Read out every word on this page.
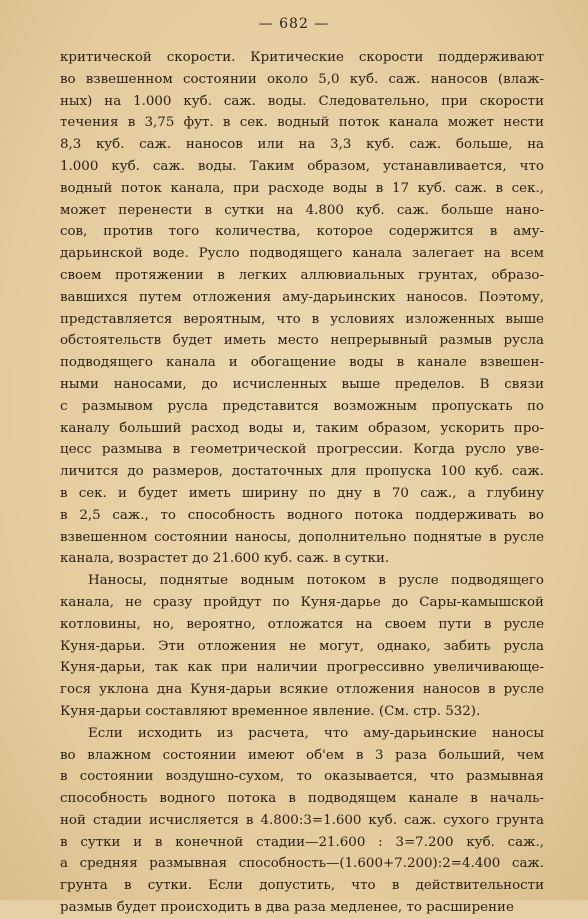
— 682 —

критической скорости. Критические скорости поддерживают
во взвешенном состоянии около 5,0 куб. саж. наносов (влаж-
ных) на 1.000 куб. саж. воды. Следовательно, при скорости
течения в 3,75 фут. в сек. водный поток канала может нести
8,3 куб. саж. наносов или на 3,3 куб. саж. больше, на
1.000 куб. саж. воды. Таким образом, устанавливается, что
водный поток канала, при расходе воды в 17 куб. саж. в сек.,
может перенести в сутки на 4.800 куб. саж. больше нано-
сов, против того количества, которое содержится в аму-
дарьинской воде. Русло подводящего канала залегает на всем
своем протяжении в легких аллювиальных грунтах, образо-
вавшихся путем отложения аму-дарьинских наносов. Поэтому,
представляется вероятным, что в условиях изложенных выше
обстоятельств будет иметь место непрерывный размыв русла
подводящего канала и обогащение воды в канале взвешен-
ными наносами, до исчисленных выше пределов. В связи
с размывом русла представится возможным пропускать по
каналу больший расход воды и, таким образом, ускорить про-
цесс размыва в геометрической прогрессии. Когда русло уве-
личится до размеров, достаточных для пропуска 100 куб. саж.
в сек. и будет иметь ширину по дну в 70 саж., а глубину
в 2,5 саж., то способность водного потока поддерживать во
взвешенном состоянии наносы, дополнительно поднятые в русле
канала, возрастет до 21.600 куб. саж. в сутки.

Наносы, поднятые водным потоком в русле подводящего
канала, не сразу пройдут по Куня-дарье до Сары-камышской
котловины, но, вероятно, отложатся на своем пути в русле
Куня-дарьи. Эти отложения не могут, однако, забить русла
Куня-дарьи, так как при наличии прогрессивно увеличивающе-
гося уклона дна Куня-дарьи всякие отложения наносов в русле
Куня-дарьи составляют временное явление. (См. стр. 532).

Если исходить из расчета, что аму-дарьинские наносы
во влажном состоянии имеют об'ем в 3 раза больший, чем
в состоянии воздушно-сухом, то оказывается, что размывная
способность водного потока в подводящем канале в началь-
ной стадии исчисляется в 4.800:3=1.600 куб. саж. сухого грунта
в сутки и в конечной стадии—21.600 : 3=7.200 куб. саж.,
а средняя размывная способность—(1.600+7.200):2=4.400 саж.
грунта в сутки. Если допустить, что в действительности
размыв будет происходить в два раза медленее, то расширение
